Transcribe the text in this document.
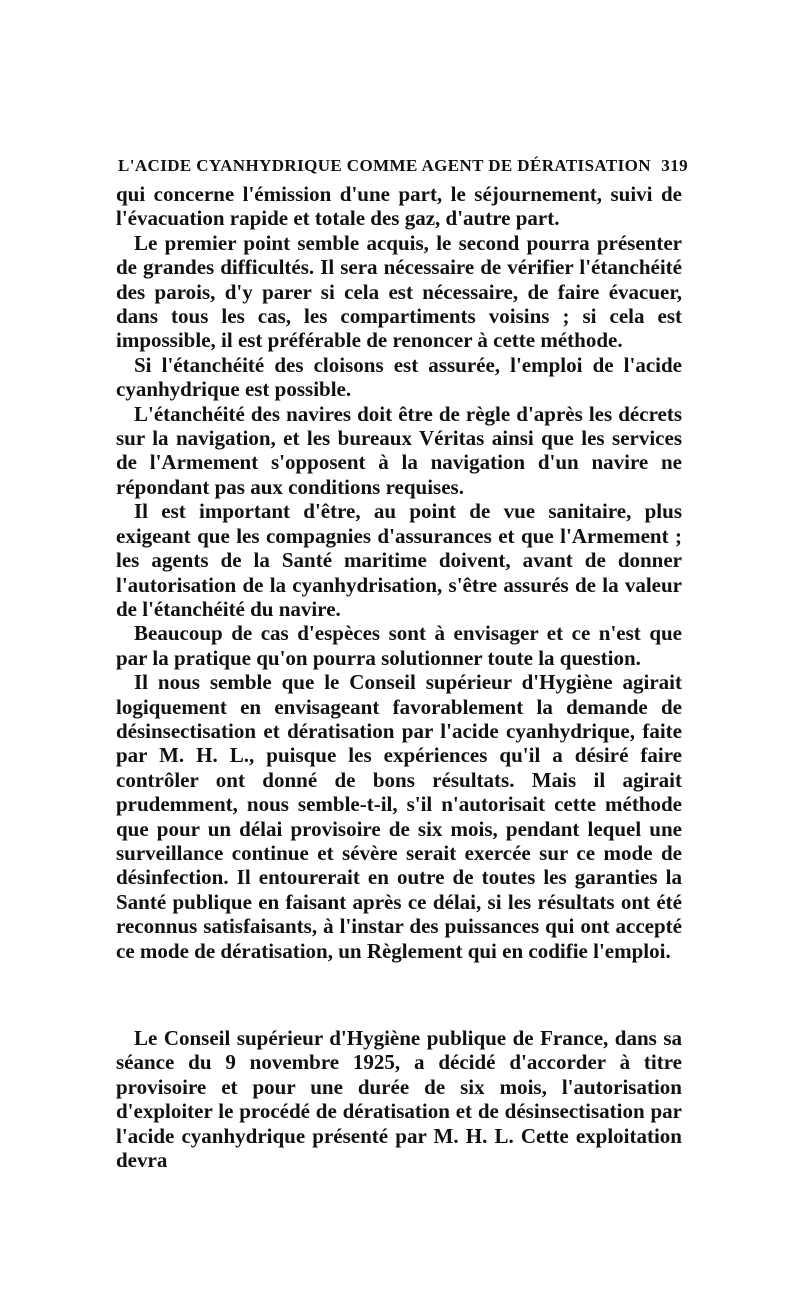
L'ACIDE CYANHYDRIQUE COMME AGENT DE DÉRATISATION 319

qui concerne l'émission d'une part, le séjournement, suivi de l'évacuation rapide et totale des gaz, d'autre part.

Le premier point semble acquis, le second pourra présenter de grandes difficultés. Il sera nécessaire de vérifier l'étanchéité des parois, d'y parer si cela est nécessaire, de faire évacuer, dans tous les cas, les compartiments voisins ; si cela est impossible, il est préférable de renoncer à cette méthode.

Si l'étanchéité des cloisons est assurée, l'emploi de l'acide cyanhydrique est possible.

L'étanchéité des navires doit être de règle d'après les décrets sur la navigation, et les bureaux Véritas ainsi que les services de l'Armement s'opposent à la navigation d'un navire ne répondant pas aux conditions requises.

Il est important d'être, au point de vue sanitaire, plus exigeant que les compagnies d'assurances et que l'Armement ; les agents de la Santé maritime doivent, avant de donner l'autorisation de la cyanhydrisation, s'être assurés de la valeur de l'étanchéité du navire.

Beaucoup de cas d'espèces sont à envisager et ce n'est que par la pratique qu'on pourra solutionner toute la question.

Il nous semble que le Conseil supérieur d'Hygiène agirait logiquement en envisageant favorablement la demande de désinsectisation et dératisation par l'acide cyanhydrique, faite par M. H. L., puisque les expériences qu'il a désiré faire contrôler ont donné de bons résultats. Mais il agirait prudemment, nous semble-t-il, s'il n'autorisait cette méthode que pour un délai provisoire de six mois, pendant lequel une surveillance continue et sévère serait exercée sur ce mode de désinfection. Il entourerait en outre de toutes les garanties la Santé publique en faisant après ce délai, si les résultats ont été reconnus satisfaisants, à l'instar des puissances qui ont accepté ce mode de dératisation, un Règlement qui en codifie l'emploi.

Le Conseil supérieur d'Hygiène publique de France, dans sa séance du 9 novembre 1925, a décidé d'accorder à titre provisoire et pour une durée de six mois, l'autorisation d'exploiter le procédé de dératisation et de désinsectisation par l'acide cyanhydrique présenté par M. H. L. Cette exploitation devra
